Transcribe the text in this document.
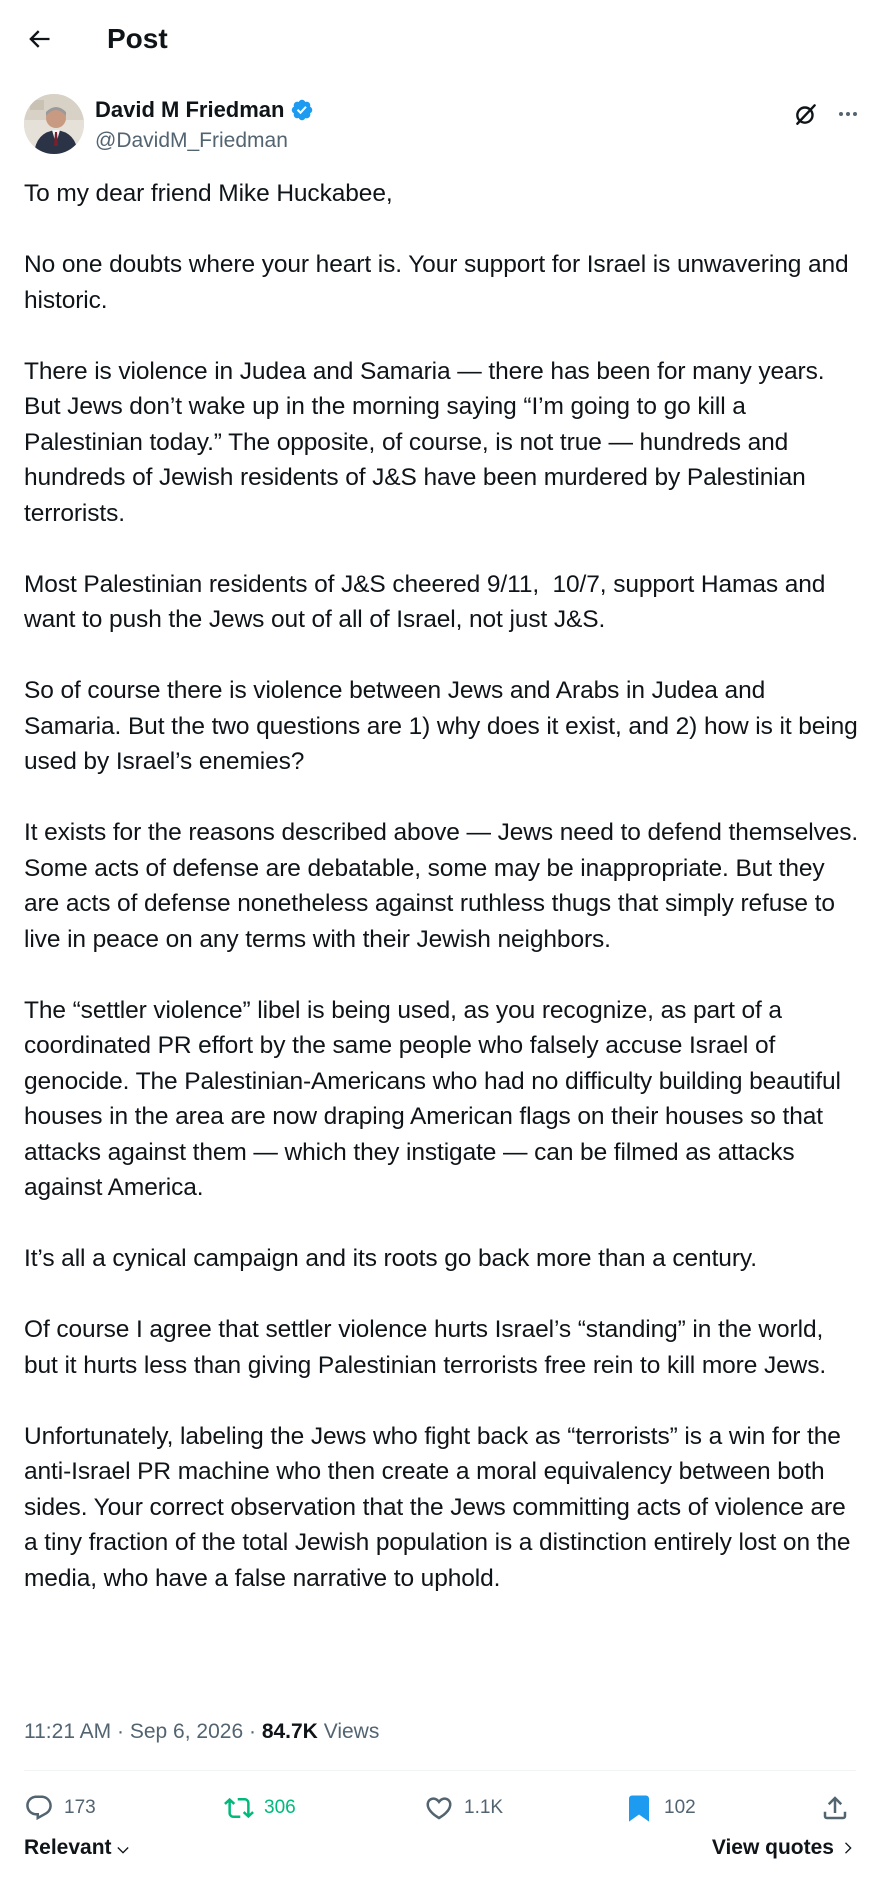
Post
David M Friedman
@DavidM_Friedman

To my dear friend Mike Huckabee,

No one doubts where your heart is. Your support for Israel is unwavering and historic.

There is violence in Judea and Samaria — there has been for many years. But Jews don’t wake up in the morning saying “I’m going to go kill a Palestinian today.” The opposite, of course, is not true — hundreds and hundreds of Jewish residents of J&S have been murdered by Palestinian terrorists.

Most Palestinian residents of J&S cheered 9/11,  10/7, support Hamas and want to push the Jews out of all of Israel, not just J&S.

So of course there is violence between Jews and Arabs in Judea and Samaria. But the two questions are 1) why does it exist, and 2) how is it being used by Israel’s enemies?

It exists for the reasons described above — Jews need to defend themselves. Some acts of defense are debatable, some may be inappropriate. But they are acts of defense nonetheless against ruthless thugs that simply refuse to live in peace on any terms with their Jewish neighbors.

The “settler violence” libel is being used, as you recognize, as part of a coordinated PR effort by the same people who falsely accuse Israel of genocide. The Palestinian-Americans who had no difficulty building beautiful houses in the area are now draping American flags on their houses so that attacks against them — which they instigate — can be filmed as attacks against America.

It’s all a cynical campaign and its roots go back more than a century.

Of course I agree that settler violence hurts Israel’s “standing” in the world, but it hurts less than giving Palestinian terrorists free rein to kill more Jews.

Unfortunately, labeling the Jews who fight back as “terrorists” is a win for the anti-Israel PR machine who then create a moral equivalency between both sides. Your correct observation that the Jews committing acts of violence are a tiny fraction of the total Jewish population is a distinction entirely lost on the media, who have a false narrative to uphold.

11:21 AM · Sep 6, 2026 · 84.7K Views
173	306	1.1K	102
Relevant	View quotes
